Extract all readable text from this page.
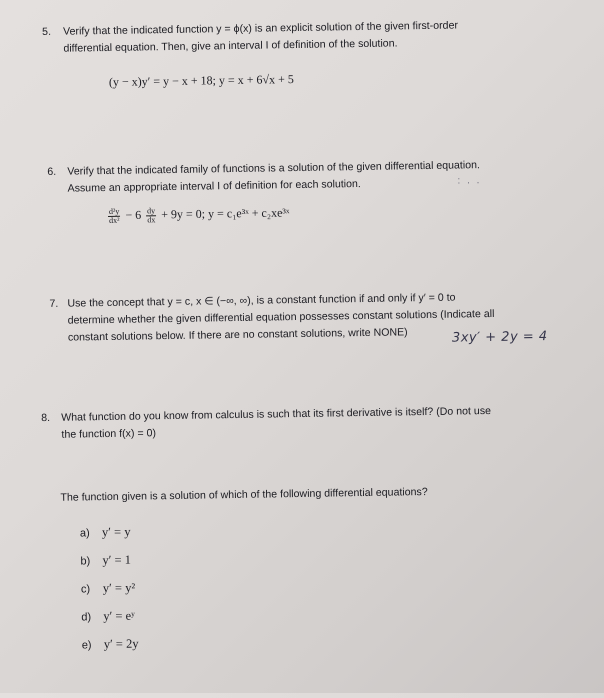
5. Verify that the indicated function y = ϕ(x) is an explicit solution of the given first-order
differential equation. Then, give an interval I of definition of the solution.
(y − x)y′ = y − x + 18; y = x + 6√x + 5
6. Verify that the indicated family of functions is a solution of the given differential equation.
Assume an appropriate interval I of definition for each solution.	: . .
$\frac{\text{d²y}}{\text{dx²}} - 6 \frac{dy}{dx} + 9y = 0$; y = c₁e³ˣ + c₂xe³ˣ
7. Use the concept that y = c, x ∈ (−∞, ∞), is a constant function if and only if y′ = 0 to
determine whether the given differential equation possesses constant solutions (Indicate all
constant solutions below. If there are no constant solutions, write NONE)	3xy′ + 2y = 4
8. What function do you know from calculus is such that its first derivative is itself? (Do not use
the function f(x) = 0)
The function given is a solution of which of the following differential equations?
a) y′ = y
b) y′ = 1
c) y′ = y²
d) y′ = eʸ
e) y′ = 2y
